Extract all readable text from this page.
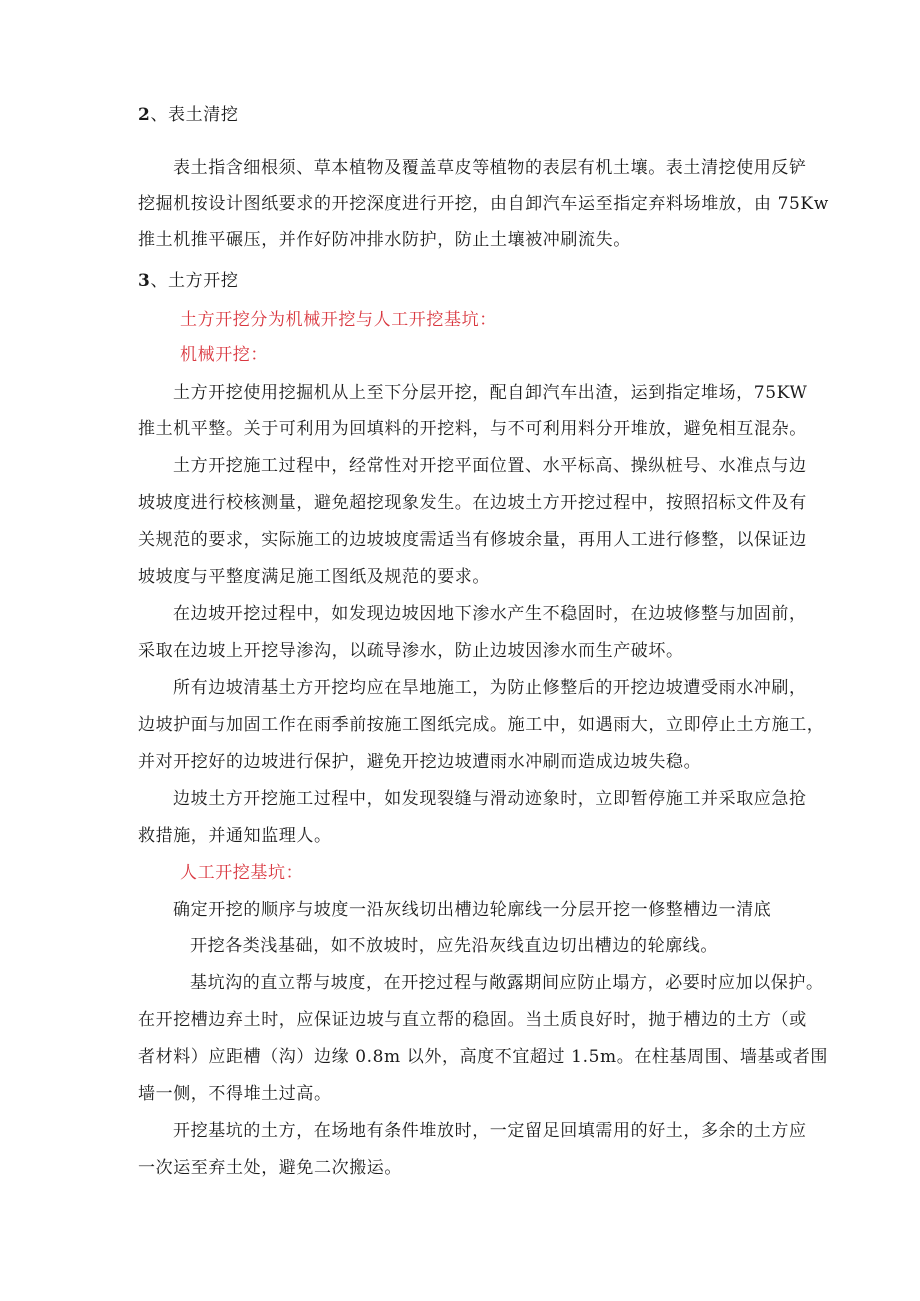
2、表土清挖
表土指含细根须、草本植物及覆盖草皮等植物的表层有机土壤。表土清挖使用反铲
挖掘机按设计图纸要求的开挖深度进行开挖，由自卸汽车运至指定弃料场堆放，由 75Kw
推土机推平碾压，并作好防冲排水防护，防止土壤被冲刷流失。
3、土方开挖
土方开挖分为机械开挖与人工开挖基坑：
机械开挖：
土方开挖使用挖掘机从上至下分层开挖，配自卸汽车出渣，运到指定堆场，75KW
推土机平整。关于可利用为回填料的开挖料，与不可利用料分开堆放，避免相互混杂。
土方开挖施工过程中，经常性对开挖平面位置、水平标高、操纵桩号、水准点与边
坡坡度进行校核测量，避免超挖现象发生。在边坡土方开挖过程中，按照招标文件及有
关规范的要求，实际施工的边坡坡度需适当有修坡余量，再用人工进行修整，以保证边
坡坡度与平整度满足施工图纸及规范的要求。
在边坡开挖过程中，如发现边坡因地下渗水产生不稳固时，在边坡修整与加固前，
采取在边坡上开挖导渗沟，以疏导渗水，防止边坡因渗水而生产破坏。
所有边坡清基土方开挖均应在旱地施工，为防止修整后的开挖边坡遭受雨水冲刷，
边坡护面与加固工作在雨季前按施工图纸完成。施工中，如遇雨大，立即停止土方施工，
并对开挖好的边坡进行保护，避免开挖边坡遭雨水冲刷而造成边坡失稳。
边坡土方开挖施工过程中，如发现裂缝与滑动迹象时，立即暂停施工并采取应急抢
救措施，并通知监理人。
人工开挖基坑：
确定开挖的顺序与坡度一沿灰线切出槽边轮廓线一分层开挖一修整槽边一清底
开挖各类浅基础，如不放坡时，应先沿灰线直边切出槽边的轮廓线。
基坑沟的直立帮与坡度，在开挖过程与敞露期间应防止塌方，必要时应加以保护。
在开挖槽边弃土时，应保证边坡与直立帮的稳固。当土质良好时，抛于槽边的土方（或
者材料）应距槽（沟）边缘 0.8m 以外，高度不宜超过 1.5m。在柱基周围、墙基或者围
墙一侧，不得堆土过高。
开挖基坑的土方，在场地有条件堆放时，一定留足回填需用的好土，多余的土方应
一次运至弃土处，避免二次搬运。
